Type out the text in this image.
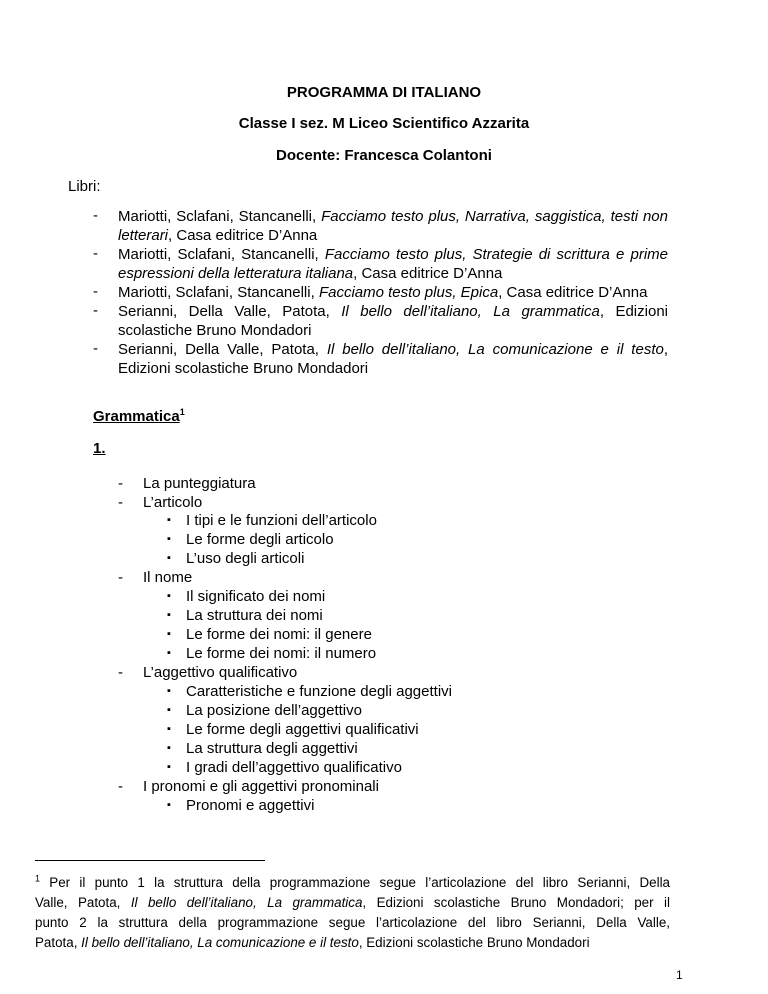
PROGRAMMA DI ITALIANO
Classe I sez. M Liceo Scientifico Azzarita
Docente: Francesca Colantoni
Libri:
- Mariotti, Sclafani, Stancanelli, Facciamo testo plus, Narrativa, saggistica, testi non
letterari, Casa editrice D’Anna
- Mariotti, Sclafani, Stancanelli, Facciamo testo plus, Strategie di scrittura e prime
espressioni della letteratura italiana, Casa editrice D’Anna
- Mariotti, Sclafani, Stancanelli, Facciamo testo plus, Epica, Casa editrice D’Anna
- Serianni, Della Valle, Patota, Il bello dell’italiano, La grammatica, Edizioni
scolastiche Bruno Mondadori
- Serianni, Della Valle, Patota, Il bello dell’italiano, La comunicazione e il testo,
Edizioni scolastiche Bruno Mondadori
Grammatica$^1$
1.
- La punteggiatura
- L’articolo
▪ I tipi e le funzioni dell’articolo
▪ Le forme degli articolo
▪ L’uso degli articoli
- Il nome
▪ Il significato dei nomi
▪ La struttura dei nomi
▪ Le forme dei nomi: il genere
▪ Le forme dei nomi: il numero
- L’aggettivo qualificativo
▪ Caratteristiche e funzione degli aggettivi
▪ La posizione dell’aggettivo
▪ Le forme degli aggettivi qualificativi
▪ La struttura degli aggettivi
▪ I gradi dell’aggettivo qualificativo
- I pronomi e gli aggettivi pronominali
▪ Pronomi e aggettivi
$^1$ Per il punto 1 la struttura della programmazione segue l’articolazione del libro Serianni, Della
Valle, Patota, Il bello dell’italiano, La grammatica, Edizioni scolastiche Bruno Mondadori; per il
punto 2 la struttura della programmazione segue l’articolazione del libro Serianni, Della Valle,
Patota, Il bello dell’italiano, La comunicazione e il testo, Edizioni scolastiche Bruno Mondadori
1
